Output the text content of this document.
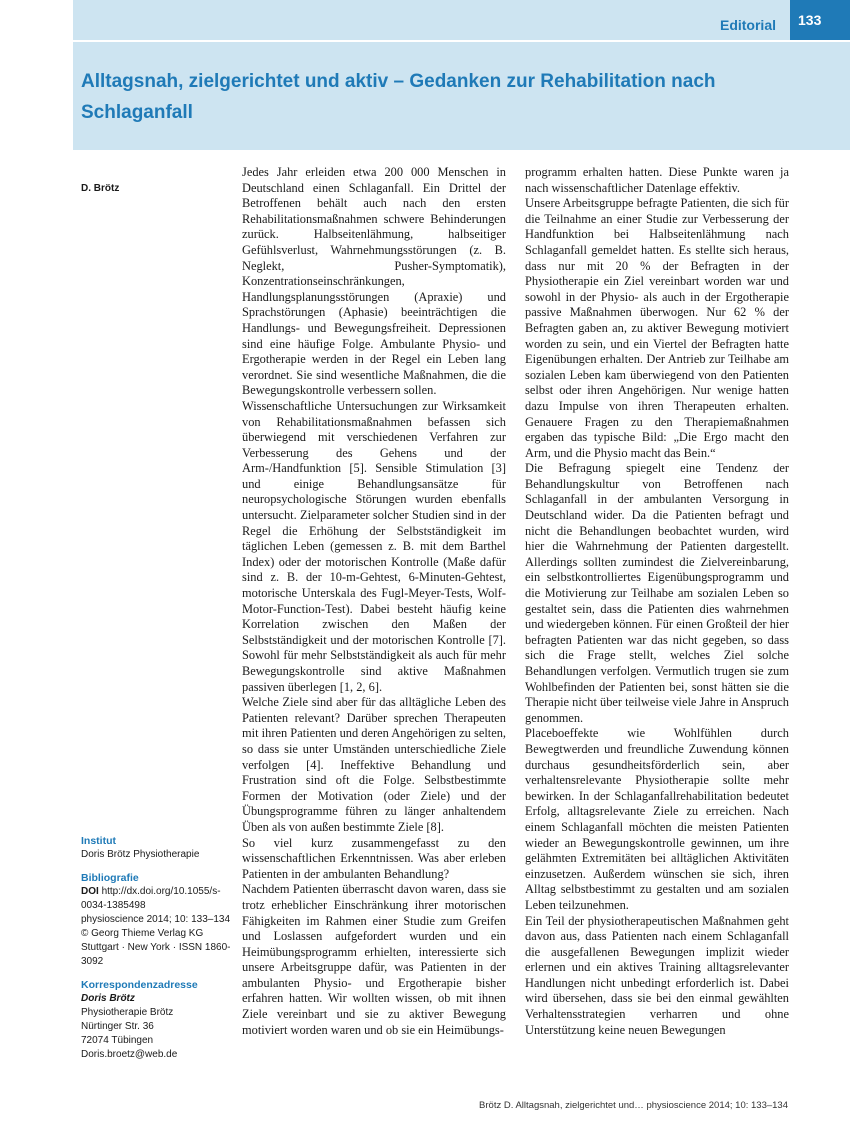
Editorial	133
Alltagsnah, zielgerichtet und aktiv – Gedanken zur Rehabilitation nach Schlaganfall
D. Brötz
Institut
Doris Brötz Physiotherapie
Bibliografie
DOI http://dx.doi.org/10.1055/s-0034-1385498
physioscience 2014; 10: 133–134 © Georg Thieme Verlag KG Stuttgart · New York · ISSN 1860-3092
Korrespondenzadresse
Doris Brötz
Physiotherapie Brötz
Nürtinger Str. 36
72074 Tübingen
Doris.broetz@web.de

Jedes Jahr erleiden etwa 200 000 Menschen in Deutschland einen Schlaganfall. Ein Drittel der Betroffenen behält auch nach den ersten Rehabilitationsmaßnahmen schwere Behinderungen zurück. Halbseitenlähmung, halbseitiger Gefühlsverlust, Wahrnehmungsstörungen (z. B. Neglekt, Pusher-Symptomatik), Konzentrationseinschränkungen, Handlungsplanungsstörungen (Apraxie) und Sprachstörungen (Aphasie) beeinträchtigen die Handlungs- und Bewegungsfreiheit. Depressionen sind eine häufige Folge. Ambulante Physio- und Ergotherapie werden in der Regel ein Leben lang verordnet. Sie sind wesentliche Maßnahmen, die die Bewegungskontrolle verbessern sollen.

Wissenschaftliche Untersuchungen zur Wirksamkeit von Rehabilitationsmaßnahmen befassen sich überwiegend mit verschiedenen Verfahren zur Verbesserung des Gehens und der Arm-/Handfunktion [5]. Sensible Stimulation [3] und einige Behandlungsansätze für neuropsychologische Störungen wurden ebenfalls untersucht. Zielparameter solcher Studien sind in der Regel die Erhöhung der Selbstständigkeit im täglichen Leben (gemessen z. B. mit dem Barthel Index) oder der motorischen Kontrolle (Maße dafür sind z. B. der 10-m-Gehtest, 6-Minuten-Gehtest, motorische Unterskala des Fugl-Meyer-Tests, Wolf-Motor-Function-Test). Dabei besteht häufig keine Korrelation zwischen den Maßen der Selbstständigkeit und der motorischen Kontrolle [7]. Sowohl für mehr Selbstständigkeit als auch für mehr Bewegungskontrolle sind aktive Maßnahmen passiven überlegen [1, 2, 6].

Welche Ziele sind aber für das alltägliche Leben des Patienten relevant? Darüber sprechen Therapeuten mit ihren Patienten und deren Angehörigen zu selten, so dass sie unter Umständen unterschiedliche Ziele verfolgen [4]. Ineffektive Behandlung und Frustration sind oft die Folge. Selbstbestimmte Formen der Motivation (oder Ziele) und der Übungsprogramme führen zu länger anhaltendem Üben als von außen bestimmte Ziele [8].

So viel kurz zusammengefasst zu den wissenschaftlichen Erkenntnissen. Was aber erleben Patienten in der ambulanten Behandlung?

Nachdem Patienten überrascht davon waren, dass sie trotz erheblicher Einschränkung ihrer motorischen Fähigkeiten im Rahmen einer Studie zum Greifen und Loslassen aufgefordert wurden und ein Heimübungsprogramm erhielten, interessierte sich unsere Arbeitsgruppe dafür, was Patienten in der ambulanten Physio- und Ergotherapie bisher erfahren hatten. Wir wollten wissen, ob mit ihnen Ziele vereinbart und sie zu aktiver Bewegung motiviert worden waren und ob sie ein Heimübungs-

programm erhalten hatten. Diese Punkte waren ja nach wissenschaftlicher Datenlage effektiv.

Unsere Arbeitsgruppe befragte Patienten, die sich für die Teilnahme an einer Studie zur Verbesserung der Handfunktion bei Halbseitenlähmung nach Schlaganfall gemeldet hatten. Es stellte sich heraus, dass nur mit 20 % der Befragten in der Physiotherapie ein Ziel vereinbart worden war und sowohl in der Physio- als auch in der Ergotherapie passive Maßnahmen überwogen. Nur 62 % der Befragten gaben an, zu aktiver Bewegung motiviert worden zu sein, und ein Viertel der Befragten hatte Eigenübungen erhalten. Der Antrieb zur Teilhabe am sozialen Leben kam überwiegend von den Patienten selbst oder ihren Angehörigen. Nur wenige hatten dazu Impulse von ihren Therapeuten erhalten. Genauere Fragen zu den Therapiemaßnahmen ergaben das typische Bild: „Die Ergo macht den Arm, und die Physio macht das Bein.“

Die Befragung spiegelt eine Tendenz der Behandlungskultur von Betroffenen nach Schlaganfall in der ambulanten Versorgung in Deutschland wider. Da die Patienten befragt und nicht die Behandlungen beobachtet wurden, wird hier die Wahrnehmung der Patienten dargestellt. Allerdings sollten zumindest die Zielvereinbarung, ein selbstkontrolliertes Eigenübungsprogramm und die Motivierung zur Teilhabe am sozialen Leben so gestaltet sein, dass die Patienten dies wahrnehmen und wiedergeben können. Für einen Großteil der hier befragten Patienten war das nicht gegeben, so dass sich die Frage stellt, welches Ziel solche Behandlungen verfolgen. Vermutlich trugen sie zum Wohlbefinden der Patienten bei, sonst hätten sie die Therapie nicht über teilweise viele Jahre in Anspruch genommen.

Placeboeffekte wie Wohlfühlen durch Bewegtwerden und freundliche Zuwendung können durchaus gesundheitsförderlich sein, aber verhaltensrelevante Physiotherapie sollte mehr bewirken. In der Schlaganfallrehabilitation bedeutet Erfolg, alltagsrelevante Ziele zu erreichen. Nach einem Schlaganfall möchten die meisten Patienten wieder an Bewegungskontrolle gewinnen, um ihre gelähmten Extremitäten bei alltäglichen Aktivitäten einzusetzen. Außerdem wünschen sie sich, ihren Alltag selbstbestimmt zu gestalten und am sozialen Leben teilzunehmen.

Ein Teil der physiotherapeutischen Maßnahmen geht davon aus, dass Patienten nach einem Schlaganfall die ausgefallenen Bewegungen implizit wieder erlernen und ein aktives Training alltagsrelevanter Handlungen nicht unbedingt erforderlich ist. Dabei wird übersehen, dass sie bei den einmal gewählten Verhaltensstrategien verharren und ohne Unterstützung keine neuen Bewegungen

Brötz D. Alltagsnah, zielgerichtet und… physioscience 2014; 10: 133–134
